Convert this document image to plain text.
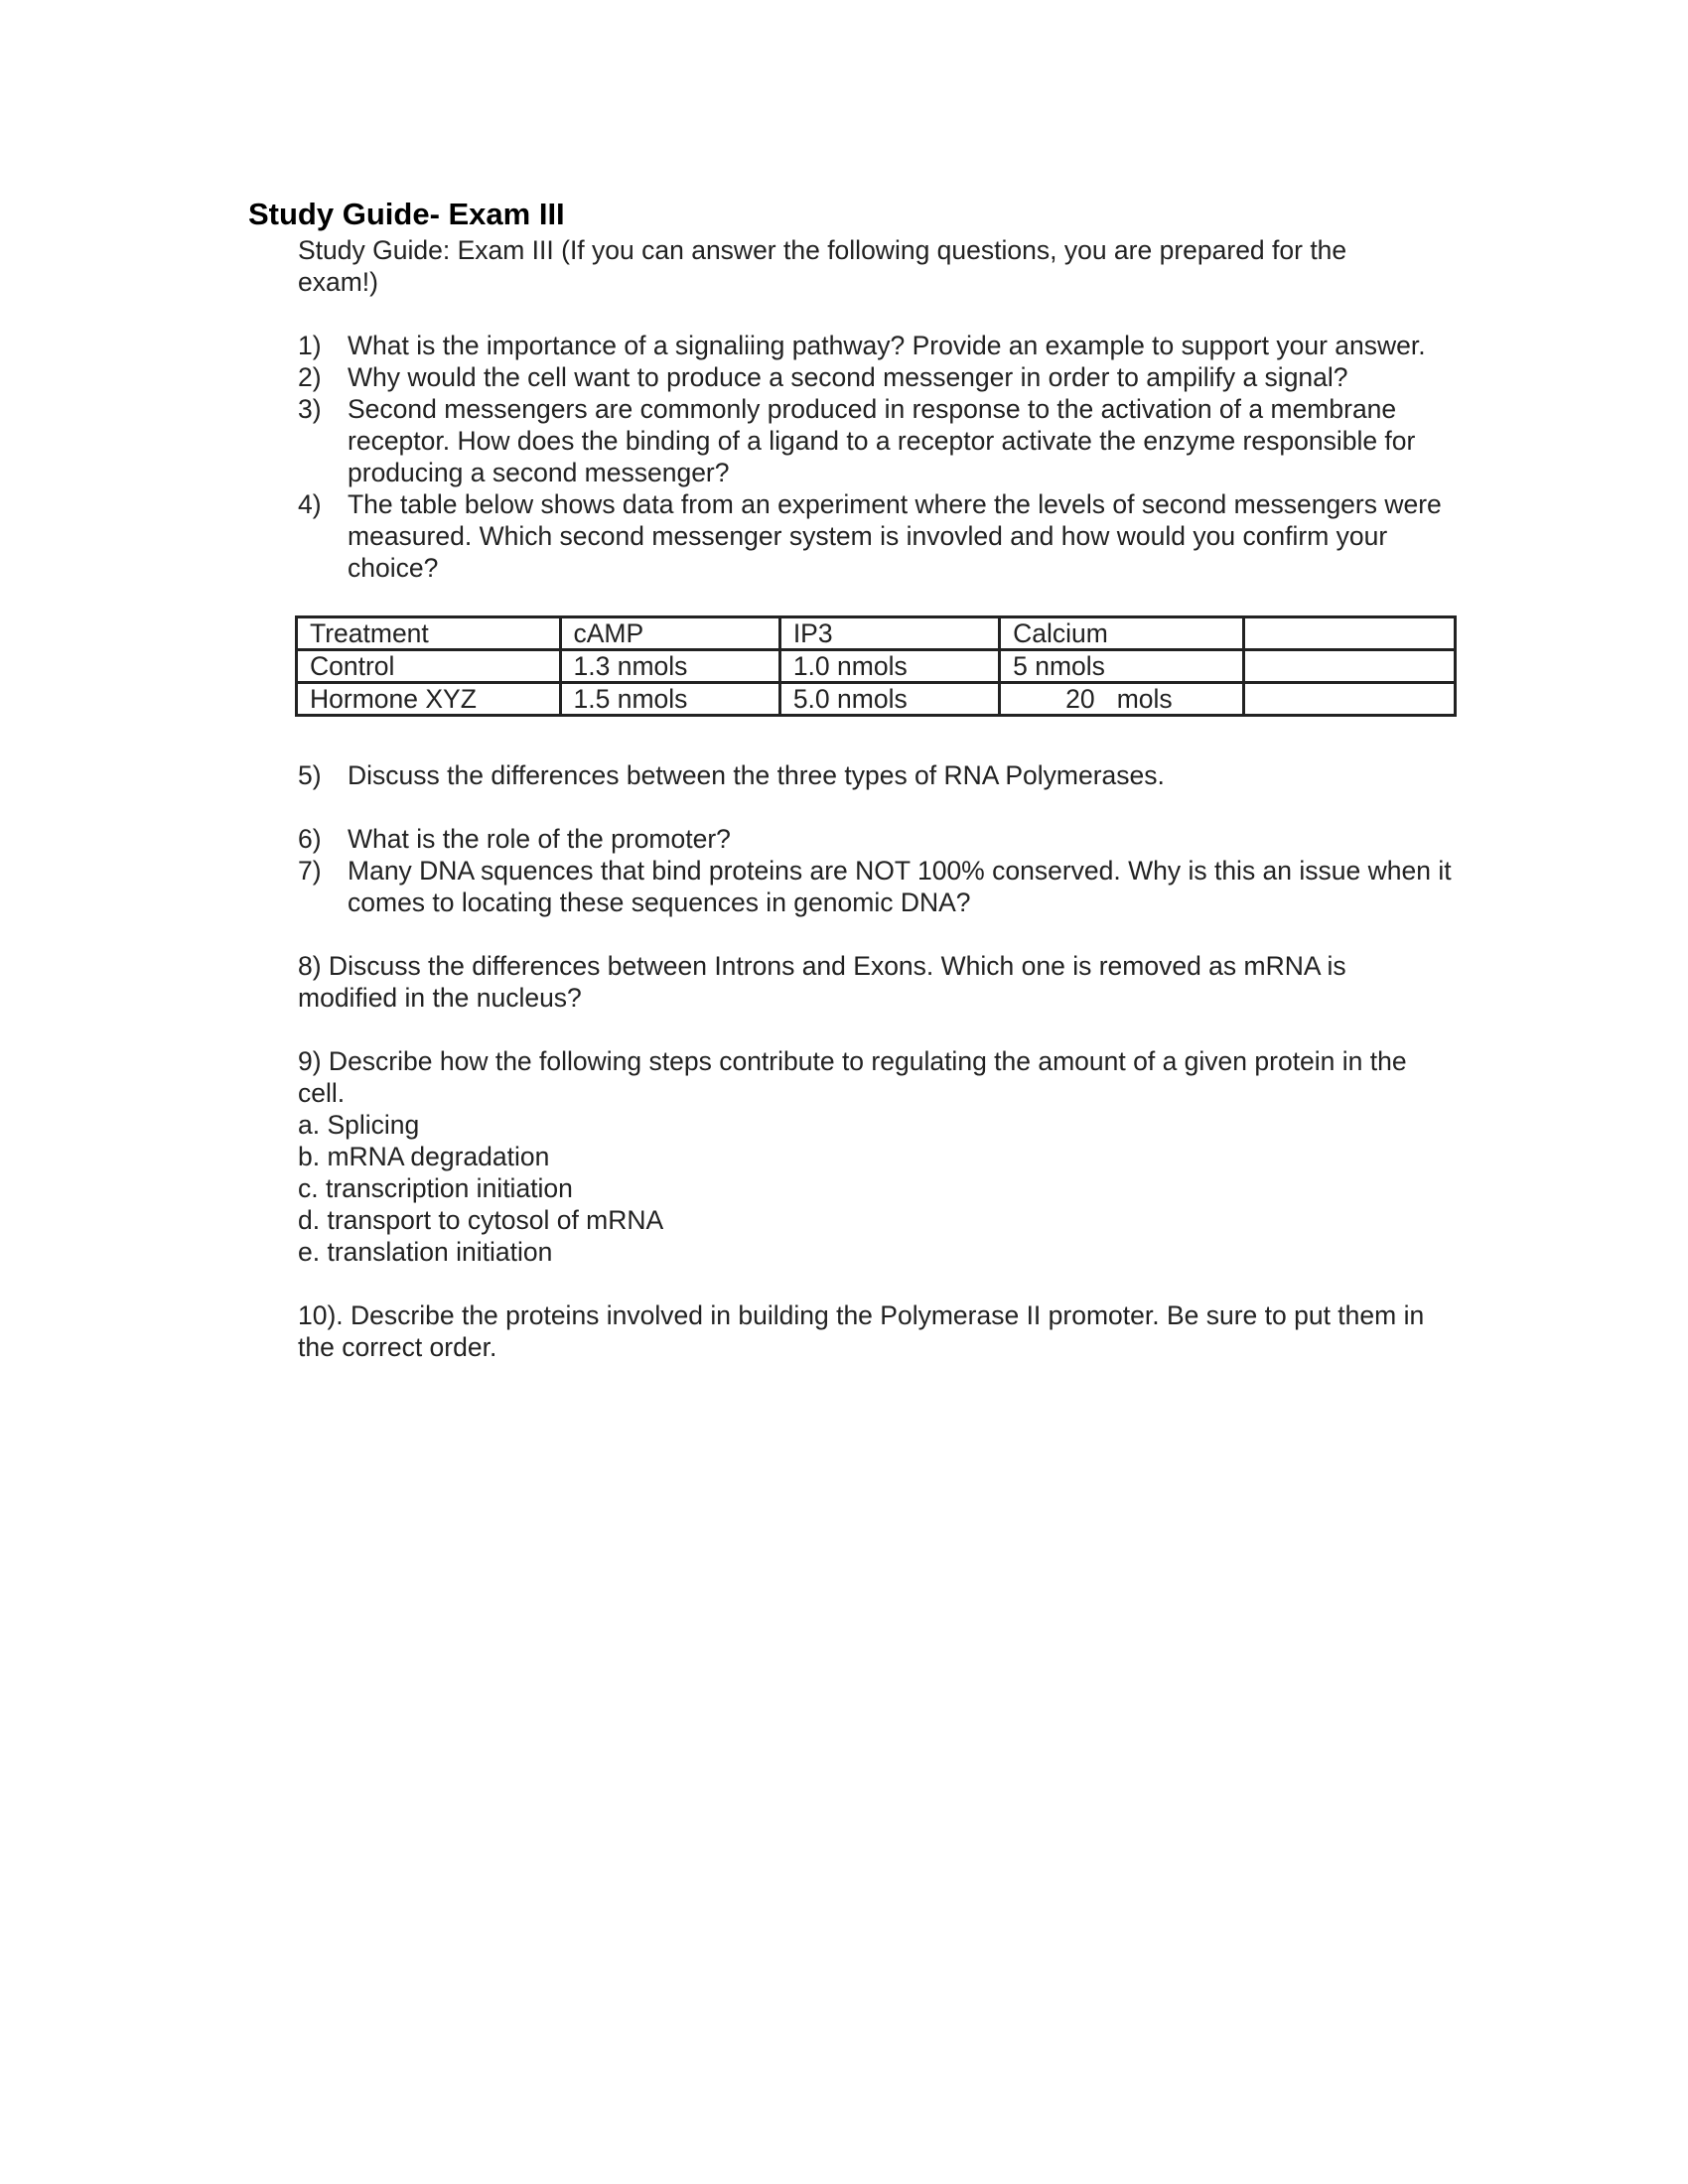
Study Guide- Exam III
Study Guide: Exam III (If you can answer the following questions, you are prepared for the exam!)
1) What is the importance of a signaliing pathway? Provide an example to support your answer.
2) Why would the cell want to produce a second messenger in order to ampilify a signal?
3) Second messengers are commonly produced in response to the activation of a membrane receptor. How does the binding of a ligand to a receptor activate the enzyme responsible for producing a second messenger?
4) The table below shows data from an experiment where the levels of second messengers were measured. Which second messenger system is invovled and how would you confirm your choice?
Treatment	cAMP	IP3	Calcium	
Control	1.3 nmols	1.0 nmols	5 nmols	
Hormone XYZ	1.5 nmols	5.0 nmols	20   mols	
5) Discuss the differences between the three types of RNA Polymerases.
6) What is the role of the promoter?
7) Many DNA squences that bind proteins are NOT 100% conserved. Why is this an issue when it comes to locating these sequences in genomic DNA?
8) Discuss the differences between Introns and Exons. Which one is removed as mRNA is modified in the nucleus?
9) Describe how the following steps contribute to regulating the amount of a given protein in the cell.
a. Splicing
b. mRNA degradation
c. transcription initiation
d. transport to cytosol of mRNA
e. translation initiation
10). Describe the proteins involved in building the Polymerase II promoter. Be sure to put them in the correct order.
